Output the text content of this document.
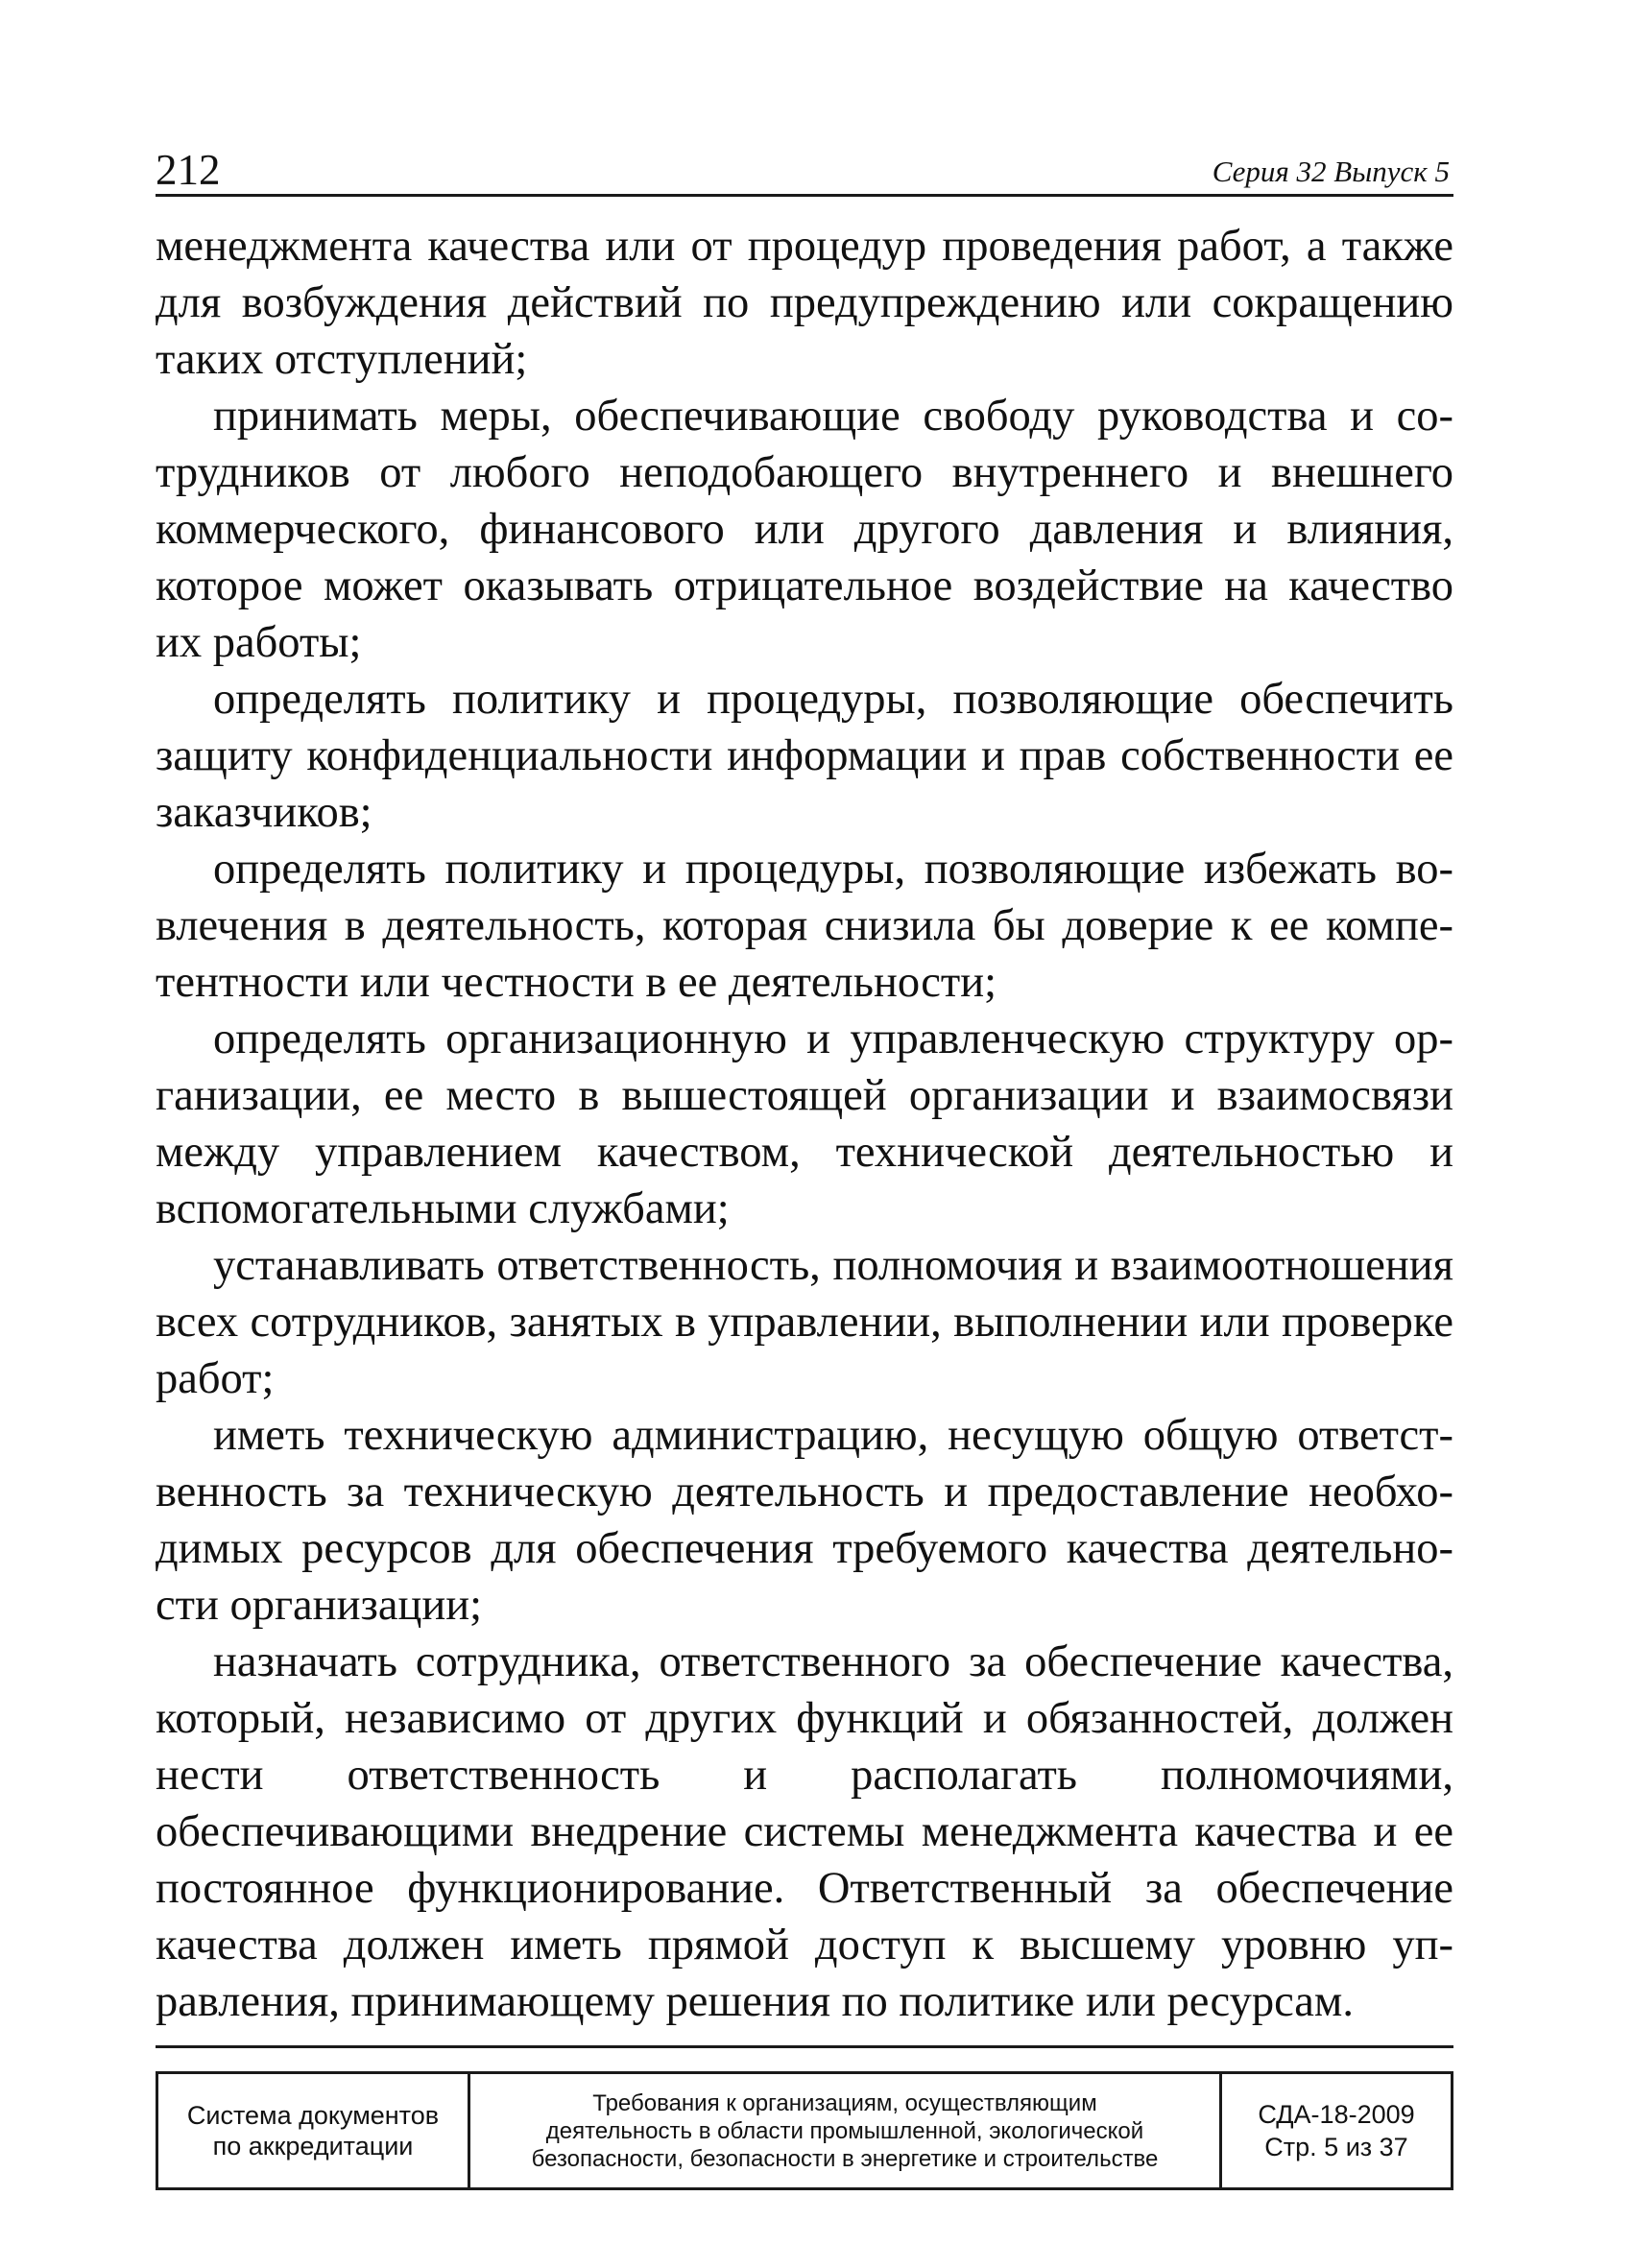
212	Серия 32 Выпуск 5

менеджмента качества или от процедур проведения работ, а также для возбуждения действий по предупреждению или сокращению таких отступлений;

принимать меры, обеспечивающие свободу руководства и сотрудников от любого неподобающего внутреннего и внешнего коммерческого, финансового или другого давления и влияния, которое может оказывать отрицательное воздействие на качество их работы;

определять политику и процедуры, позволяющие обеспечить защиту конфиденциальности информации и прав собственности ее заказчиков;

определять политику и процедуры, позволяющие избежать вовлечения в деятельность, которая снизила бы доверие к ее компетентности или честности в ее деятельности;

определять организационную и управленческую структуру организации, ее место в вышестоящей организации и взаимосвязи между управлением качеством, технической деятельностью и вспомогательными службами;

устанавливать ответственность, полномочия и взаимоотношения всех сотрудников, занятых в управлении, выполнении или проверке работ;

иметь техническую администрацию, несущую общую ответственность за техническую деятельность и предоставление необходимых ресурсов для обеспечения требуемого качества деятельности организации;

назначать сотрудника, ответственного за обеспечение качества, который, независимо от других функций и обязанностей, должен нести ответственность и располагать полномочиями, обеспечивающими внедрение системы менеджмента качества и ее постоянное функционирование. Ответственный за обеспечение качества должен иметь прямой доступ к высшему уровню управления, принимающему решения по политике или ресурсам.

Система документов
по аккредитации
Требования к организациям, осуществляющим
деятельность в области промышленной, экологической
безопасности, безопасности в энергетике и строительстве
СДА-18-2009
Стр. 5 из 37
